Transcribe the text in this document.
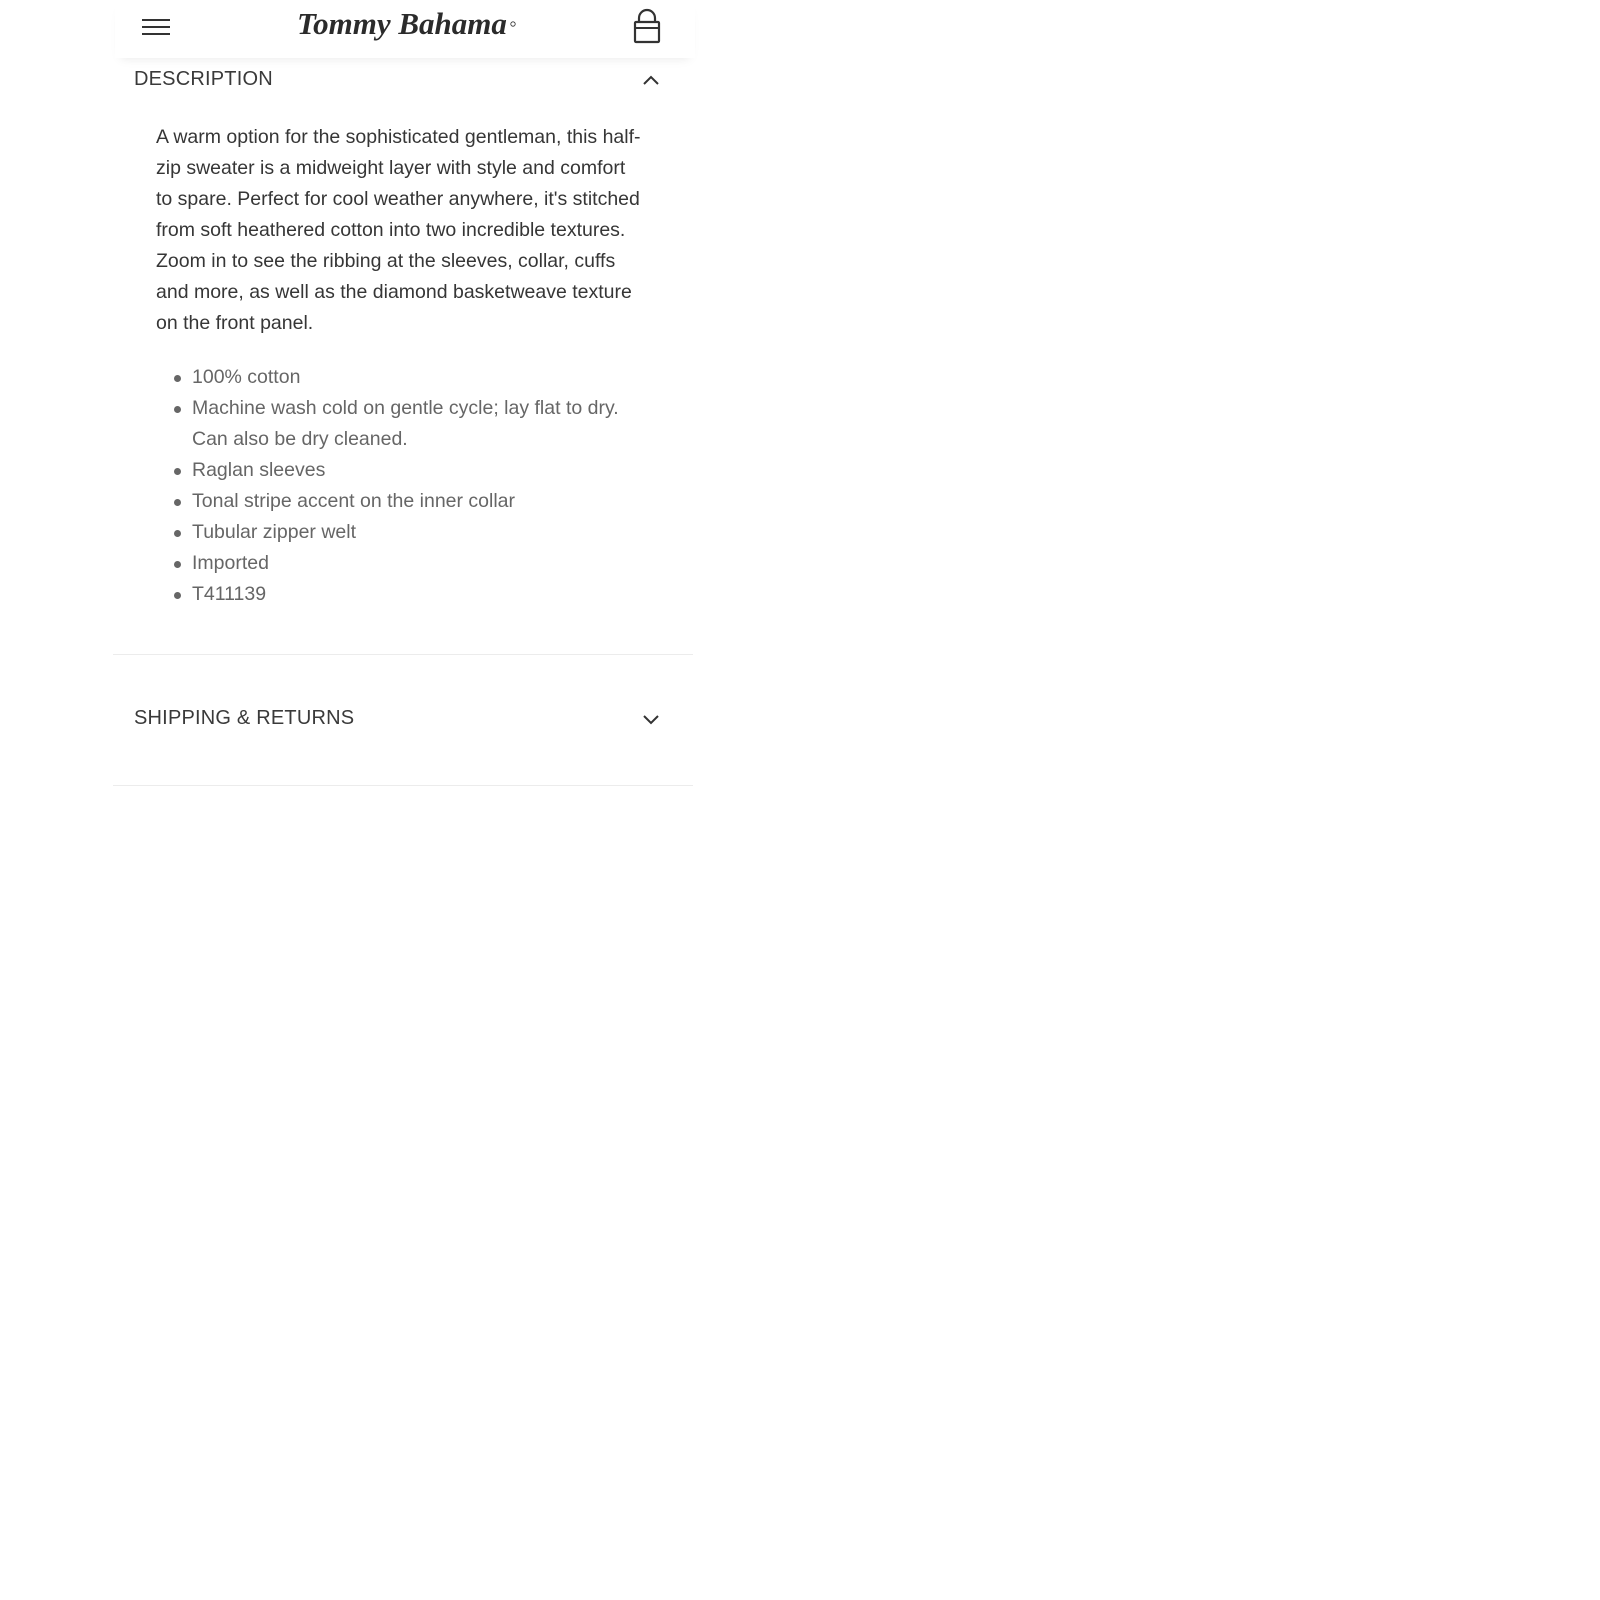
Tommy Bahama
DESCRIPTION
A warm option for the sophisticated gentleman, this half-zip sweater is a midweight layer with style and comfort to spare. Perfect for cool weather anywhere, it's stitched from soft heathered cotton into two incredible textures. Zoom in to see the ribbing at the sleeves, collar, cuffs and more, as well as the diamond basketweave texture on the front panel.
100% cotton
Machine wash cold on gentle cycle; lay flat to dry. Can also be dry cleaned.
Raglan sleeves
Tonal stripe accent on the inner collar
Tubular zipper welt
Imported
T411139
SHIPPING & RETURNS
